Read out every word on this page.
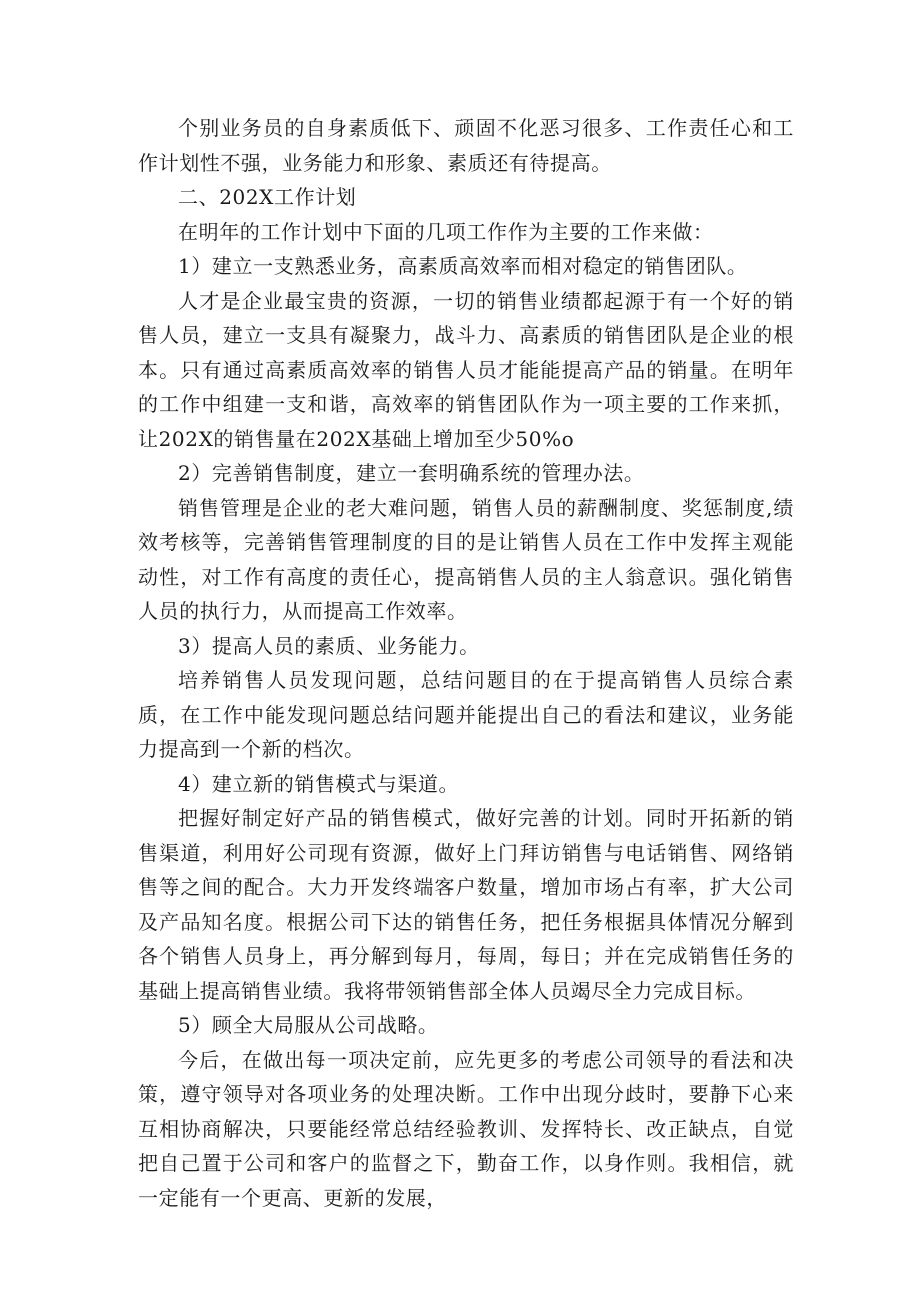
个别业务员的自身素质低下、顽固不化恶习很多、工作责任心和工作计划性不强，业务能力和形象、素质还有待提高。

二、202X工作计划

在明年的工作计划中下面的几项工作作为主要的工作来做：

1）建立一支熟悉业务，高素质高效率而相对稳定的销售团队。

人才是企业最宝贵的资源，一切的销售业绩都起源于有一个好的销售人员，建立一支具有凝聚力，战斗力、高素质的销售团队是企业的根本。只有通过高素质高效率的销售人员才能能提高产品的销量。在明年的工作中组建一支和谐，高效率的销售团队作为一项主要的工作来抓，让202X的销售量在202X基础上增加至少50%o

2）完善销售制度，建立一套明确系统的管理办法。

销售管理是企业的老大难问题，销售人员的薪酬制度、奖惩制度,绩效考核等，完善销售管理制度的目的是让销售人员在工作中发挥主观能动性，对工作有高度的责任心，提高销售人员的主人翁意识。强化销售人员的执行力，从而提高工作效率。

3）提高人员的素质、业务能力。

培养销售人员发现问题，总结问题目的在于提高销售人员综合素质，在工作中能发现问题总结问题并能提出自己的看法和建议，业务能力提高到一个新的档次。

4）建立新的销售模式与渠道。

把握好制定好产品的销售模式，做好完善的计划。同时开拓新的销售渠道，利用好公司现有资源，做好上门拜访销售与电话销售、网络销售等之间的配合。大力开发终端客户数量，增加市场占有率，扩大公司及产品知名度。根据公司下达的销售任务，把任务根据具体情况分解到各个销售人员身上，再分解到每月，每周，每日；并在完成销售任务的基础上提高销售业绩。我将带领销售部全体人员竭尽全力完成目标。

5）顾全大局服从公司战略。

今后，在做出每一项决定前，应先更多的考虑公司领导的看法和决策，遵守领导对各项业务的处理决断。工作中出现分歧时，要静下心来互相协商解决，只要能经常总结经验教训、发挥特长、改正缺点，自觉把自己置于公司和客户的监督之下，勤奋工作，以身作则。我相信，就一定能有一个更高、更新的发展，
